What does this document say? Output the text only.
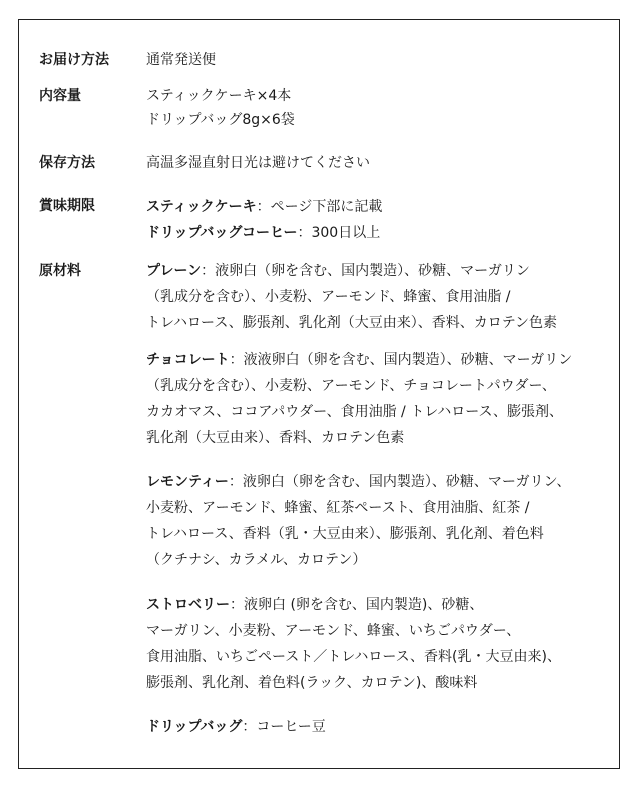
お届け方法	通常発送便
内容量	スティックケーキ×4本
ドリップバッグ8g×6袋
保存方法	高温多湿直射日光は避けてください
賞味期限	スティックケーキ：ページ下部に記載
ドリップバッグコーヒー：300日以上
原材料	プレーン：液卵白（卵を含む、国内製造）、砂糖、マーガリン
（乳成分を含む）、小麦粉、アーモンド、蜂蜜、食用油脂 /
トレハロース、膨張剤、乳化剤（大豆由来）、香料、カロテン色素
チョコレート：液液卵白（卵を含む、国内製造）、砂糖、マーガリン
（乳成分を含む）、小麦粉、アーモンド、チョコレートパウダー、
カカオマス、ココアパウダー、食用油脂 / トレハロース、膨張剤、
乳化剤（大豆由来）、香料、カロテン色素
レモンティー：液卵白（卵を含む、国内製造）、砂糖、マーガリン、
小麦粉、アーモンド、蜂蜜、紅茶ペースト、食用油脂、紅茶 /
トレハロース、香料（乳・大豆由来）、膨張剤、乳化剤、着色料
（クチナシ、カラメル、カロテン）
ストロベリー：液卵白 (卵を含む、国内製造)、砂糖、
マーガリン、小麦粉、アーモンド、蜂蜜、いちごパウダー、
食用油脂、いちごペースト／トレハロース、香料(乳・大豆由来)、
膨張剤、乳化剤、着色料(ラック、カロテン)、酸味料
ドリップバッグ：コーヒー豆
